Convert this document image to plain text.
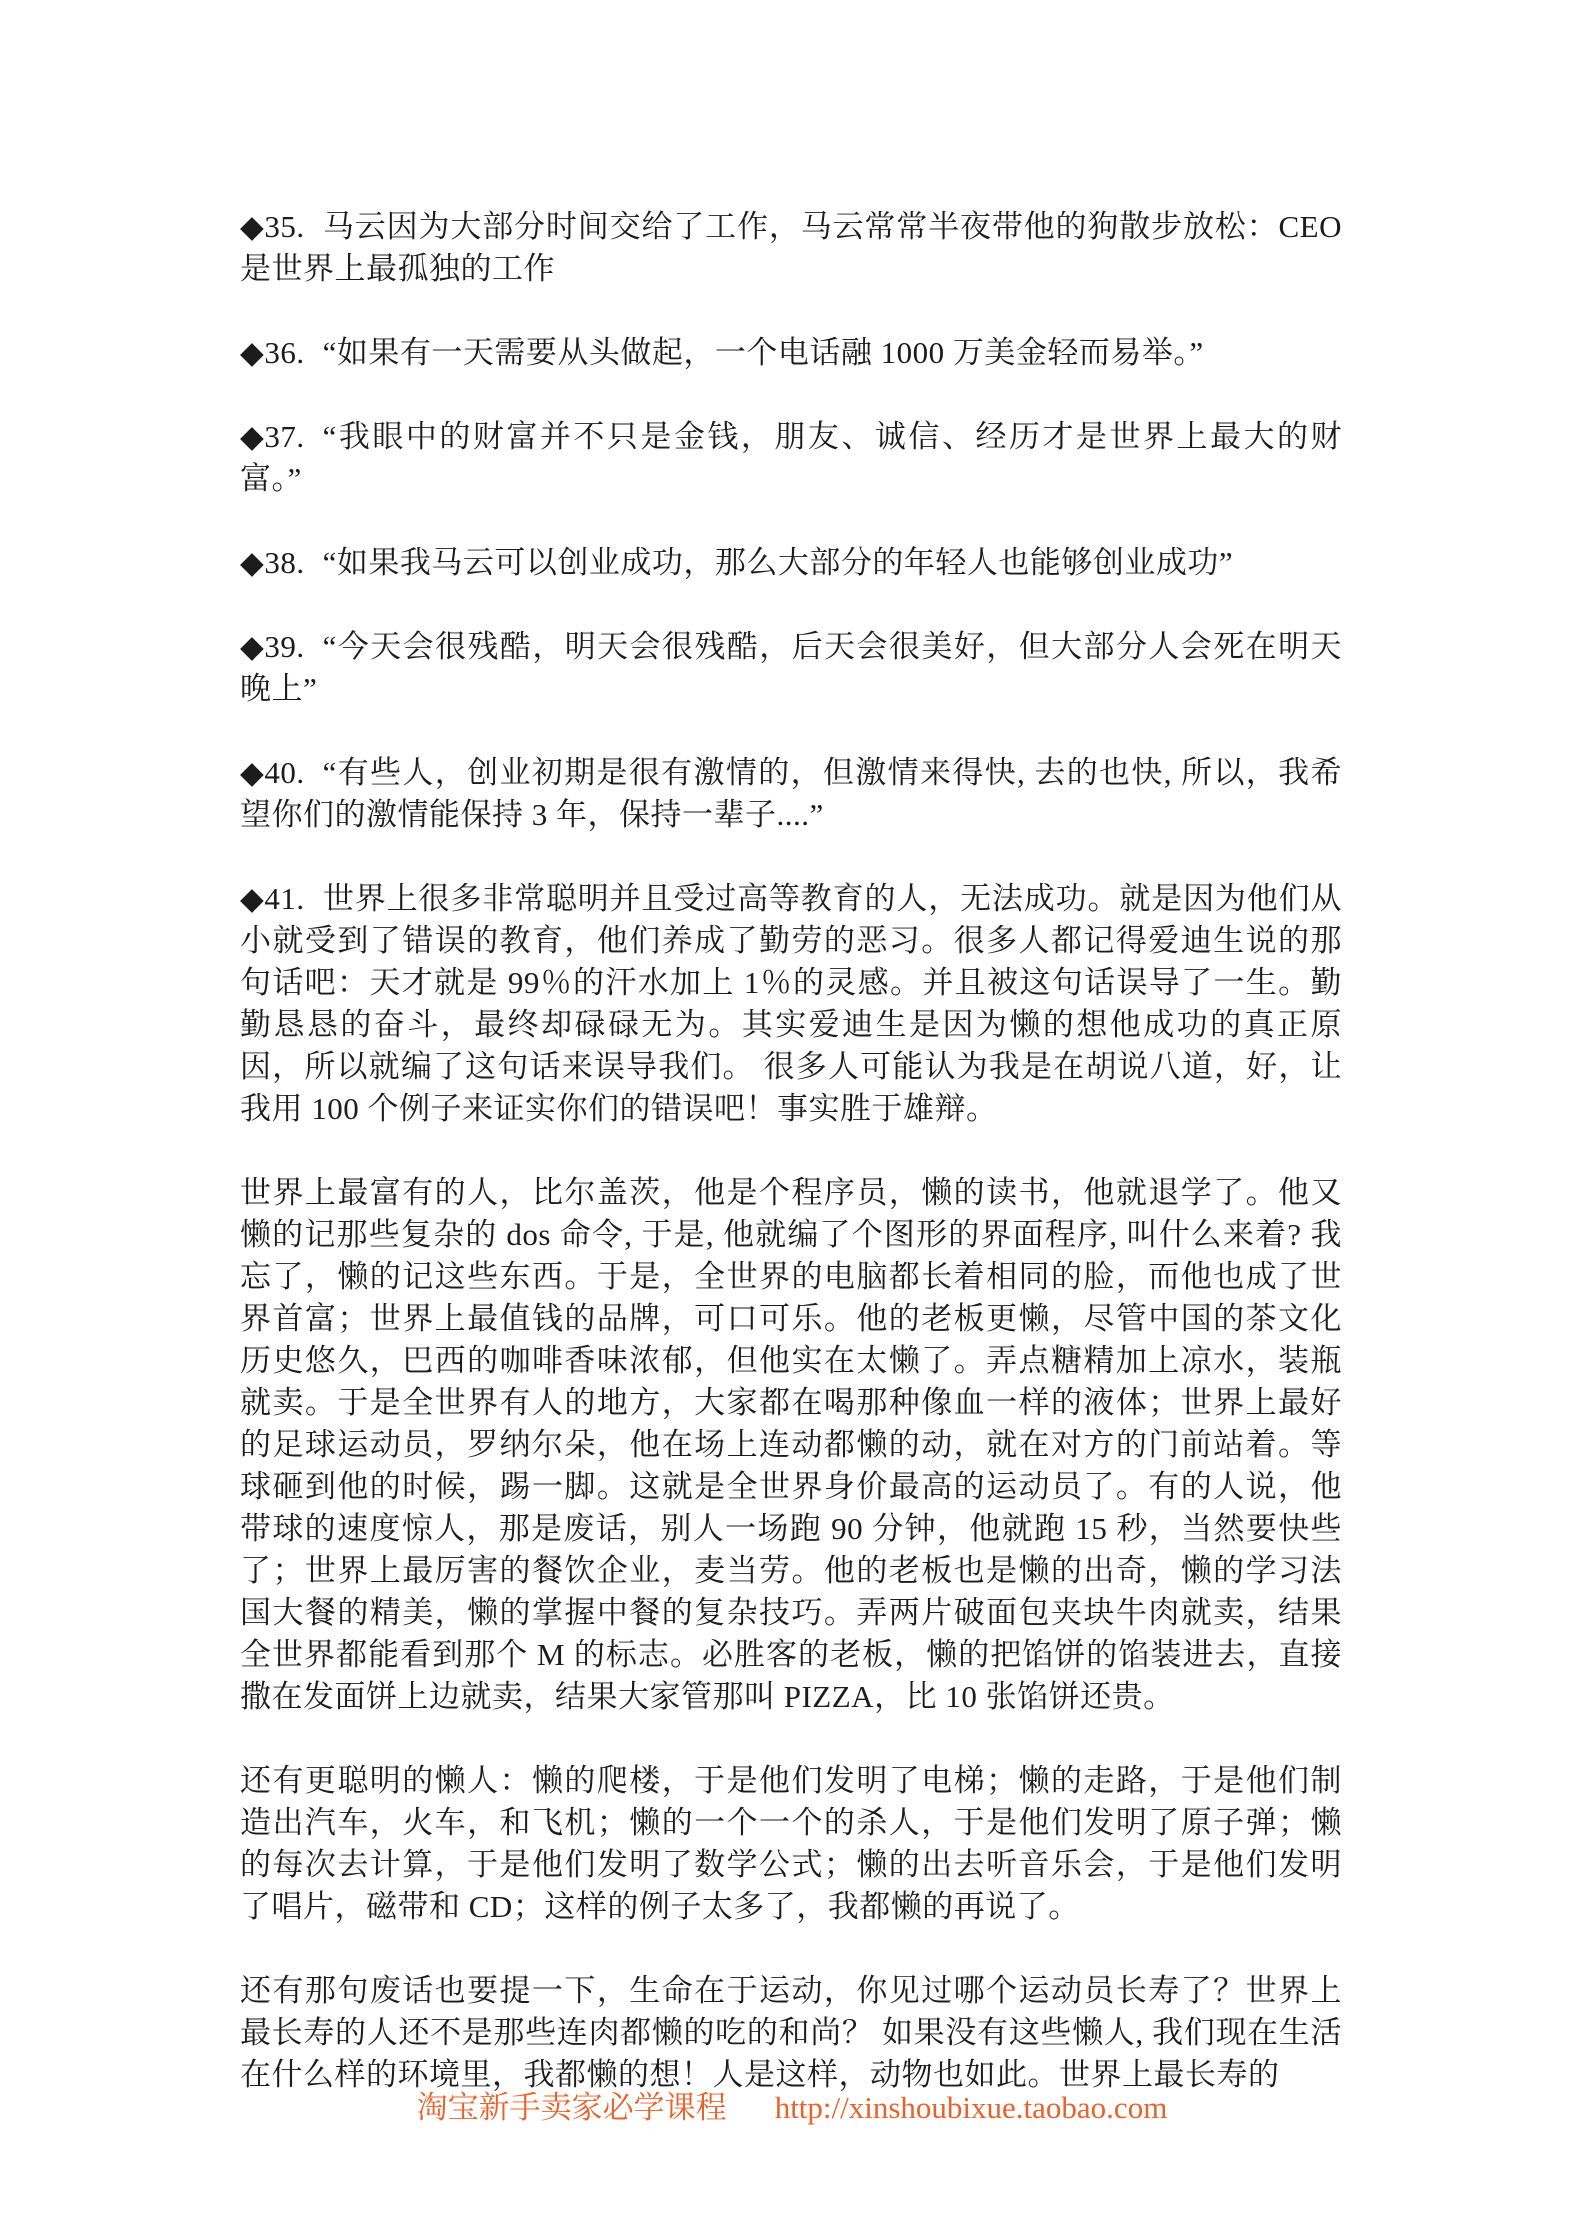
◆35. 马云因为大部分时间交给了工作，马云常常半夜带他的狗散步放松：CEO 是世界上最孤独的工作

◆36. “如果有一天需要从头做起，一个电话融 1000 万美金轻而易举。”

◆37. “我眼中的财富并不只是金钱，朋友、诚信、经历才是世界上最大的财富。”

◆38. “如果我马云可以创业成功，那么大部分的年轻人也能够创业成功”

◆39. “今天会很残酷，明天会很残酷，后天会很美好，但大部分人会死在明天晚上”

◆40. “有些人，创业初期是很有激情的，但激情来得快, 去的也快, 所以，我希望你们的激情能保持 3 年，保持一辈子....”

◆41. 世界上很多非常聪明并且受过高等教育的人，无法成功。就是因为他们从小就受到了错误的教育，他们养成了勤劳的恶习。很多人都记得爱迪生说的那句话吧：天才就是 99％的汗水加上 1％的灵感。并且被这句话误导了一生。勤勤恳恳的奋斗，最终却碌碌无为。其实爱迪生是因为懒的想他成功的真正原因，所以就编了这句话来误导我们。 很多人可能认为我是在胡说八道，好，让我用 100 个例子来证实你们的错误吧！事实胜于雄辩。

世界上最富有的人，比尔盖茨，他是个程序员，懒的读书，他就退学了。他又懒的记那些复杂的 dos 命令, 于是, 他就编了个图形的界面程序, 叫什么来着? 我忘了，懒的记这些东西。于是，全世界的电脑都长着相同的脸，而他也成了世界首富；世界上最值钱的品牌，可口可乐。他的老板更懒，尽管中国的茶文化历史悠久，巴西的咖啡香味浓郁，但他实在太懒了。弄点糖精加上凉水，装瓶就卖。于是全世界有人的地方，大家都在喝那种像血一样的液体；世界上最好的足球运动员，罗纳尔朵，他在场上连动都懒的动，就在对方的门前站着。等球砸到他的时候，踢一脚。这就是全世界身价最高的运动员了。有的人说，他带球的速度惊人，那是废话，别人一场跑 90 分钟，他就跑 15 秒，当然要快些了；世界上最厉害的餐饮企业，麦当劳。他的老板也是懒的出奇，懒的学习法国大餐的精美，懒的掌握中餐的复杂技巧。弄两片破面包夹块牛肉就卖，结果全世界都能看到那个 M 的标志。必胜客的老板，懒的把馅饼的馅装进去，直接撒在发面饼上边就卖，结果大家管那叫 PIZZA，比 10 张馅饼还贵。

还有更聪明的懒人：懒的爬楼，于是他们发明了电梯；懒的走路，于是他们制造出汽车，火车，和飞机；懒的一个一个的杀人，于是他们发明了原子弹；懒的每次去计算，于是他们发明了数学公式；懒的出去听音乐会，于是他们发明了唱片，磁带和 CD；这样的例子太多了，我都懒的再说了。

还有那句废话也要提一下，生命在于运动，你见过哪个运动员长寿了？世界上最长寿的人还不是那些连肉都懒的吃的和尚？ 如果没有这些懒人, 我们现在生活在什么样的环境里，我都懒的想！人是这样，动物也如此。世界上最长寿的

淘宝新手卖家必学课程 http://xinshoubixue.taobao.com
